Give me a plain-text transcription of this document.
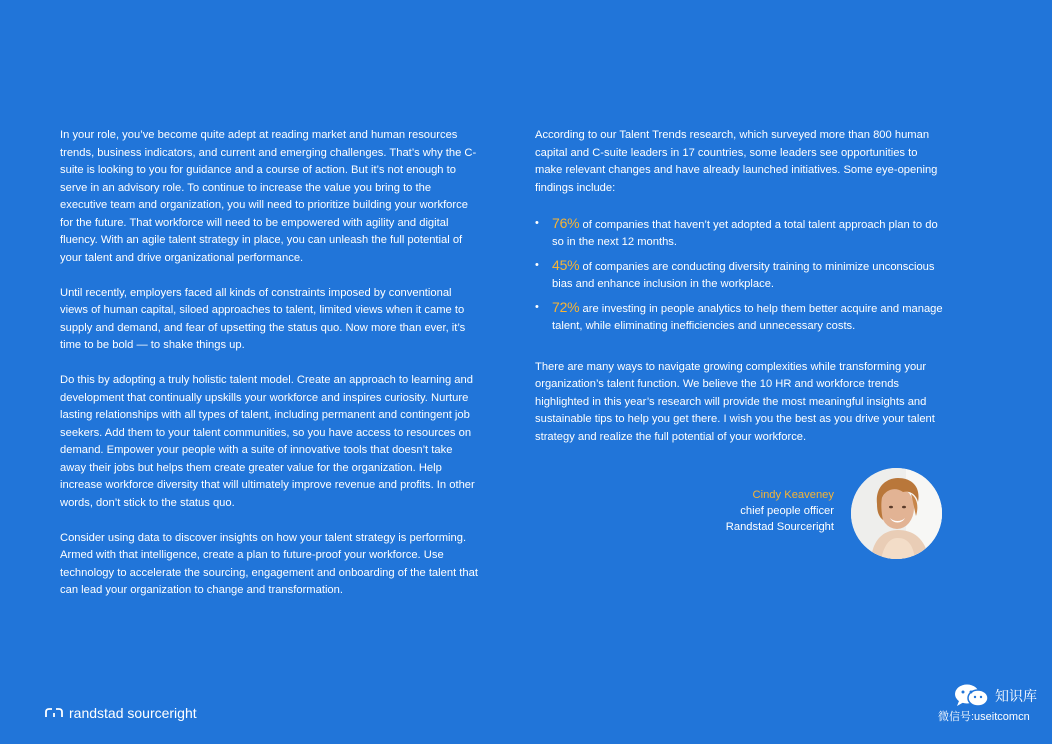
In your role, you’ve become quite adept at reading market and human resources trends, business indicators, and current and emerging challenges. That’s why the C-suite is looking to you for guidance and a course of action. But it’s not enough to serve in an advisory role. To continue to increase the value you bring to the executive team and organization, you will need to prioritize building your workforce for the future. That workforce will need to be empowered with agility and digital fluency. With an agile talent strategy in place, you can unleash the full potential of your talent and drive organizational performance.

Until recently, employers faced all kinds of constraints imposed by conventional views of human capital, siloed approaches to talent, limited views when it came to supply and demand, and fear of upsetting the status quo. Now more than ever, it’s time to be bold — to shake things up.

Do this by adopting a truly holistic talent model. Create an approach to learning and development that continually upskills your workforce and inspires curiosity. Nurture lasting relationships with all types of talent, including permanent and contingent job seekers. Add them to your talent communities, so you have access to resources on demand. Empower your people with a suite of innovative tools that doesn’t take away their jobs but helps them create greater value for the organization. Help increase workforce diversity that will ultimately improve revenue and profits. In other words, don’t stick to the status quo.

Consider using data to discover insights on how your talent strategy is performing. Armed with that intelligence, create a plan to future-proof your workforce. Use technology to accelerate the sourcing, engagement and onboarding of the talent that can lead your organization to change and transformation.

According to our Talent Trends research, which surveyed more than 800 human capital and C-suite leaders in 17 countries, some leaders see opportunities to make relevant changes and have already launched initiatives. Some eye-opening findings include:

• 76% of companies that haven’t yet adopted a total talent approach plan to do so in the next 12 months.
• 45% of companies are conducting diversity training to minimize unconscious bias and enhance inclusion in the workplace.
• 72% are investing in people analytics to help them better acquire and manage talent, while eliminating inefficiencies and unnecessary costs.

There are many ways to navigate growing complexities while transforming your organization’s talent function. We believe the 10 HR and workforce trends highlighted in this year’s research will provide the most meaningful insights and sustainable tips to help you get there. I wish you the best as you drive your talent strategy and realize the full potential of your workforce.

Cindy Keaveney
chief people officer
Randstad Sourceright
randstad sourceright
知识库
微信号:useitcomcn
